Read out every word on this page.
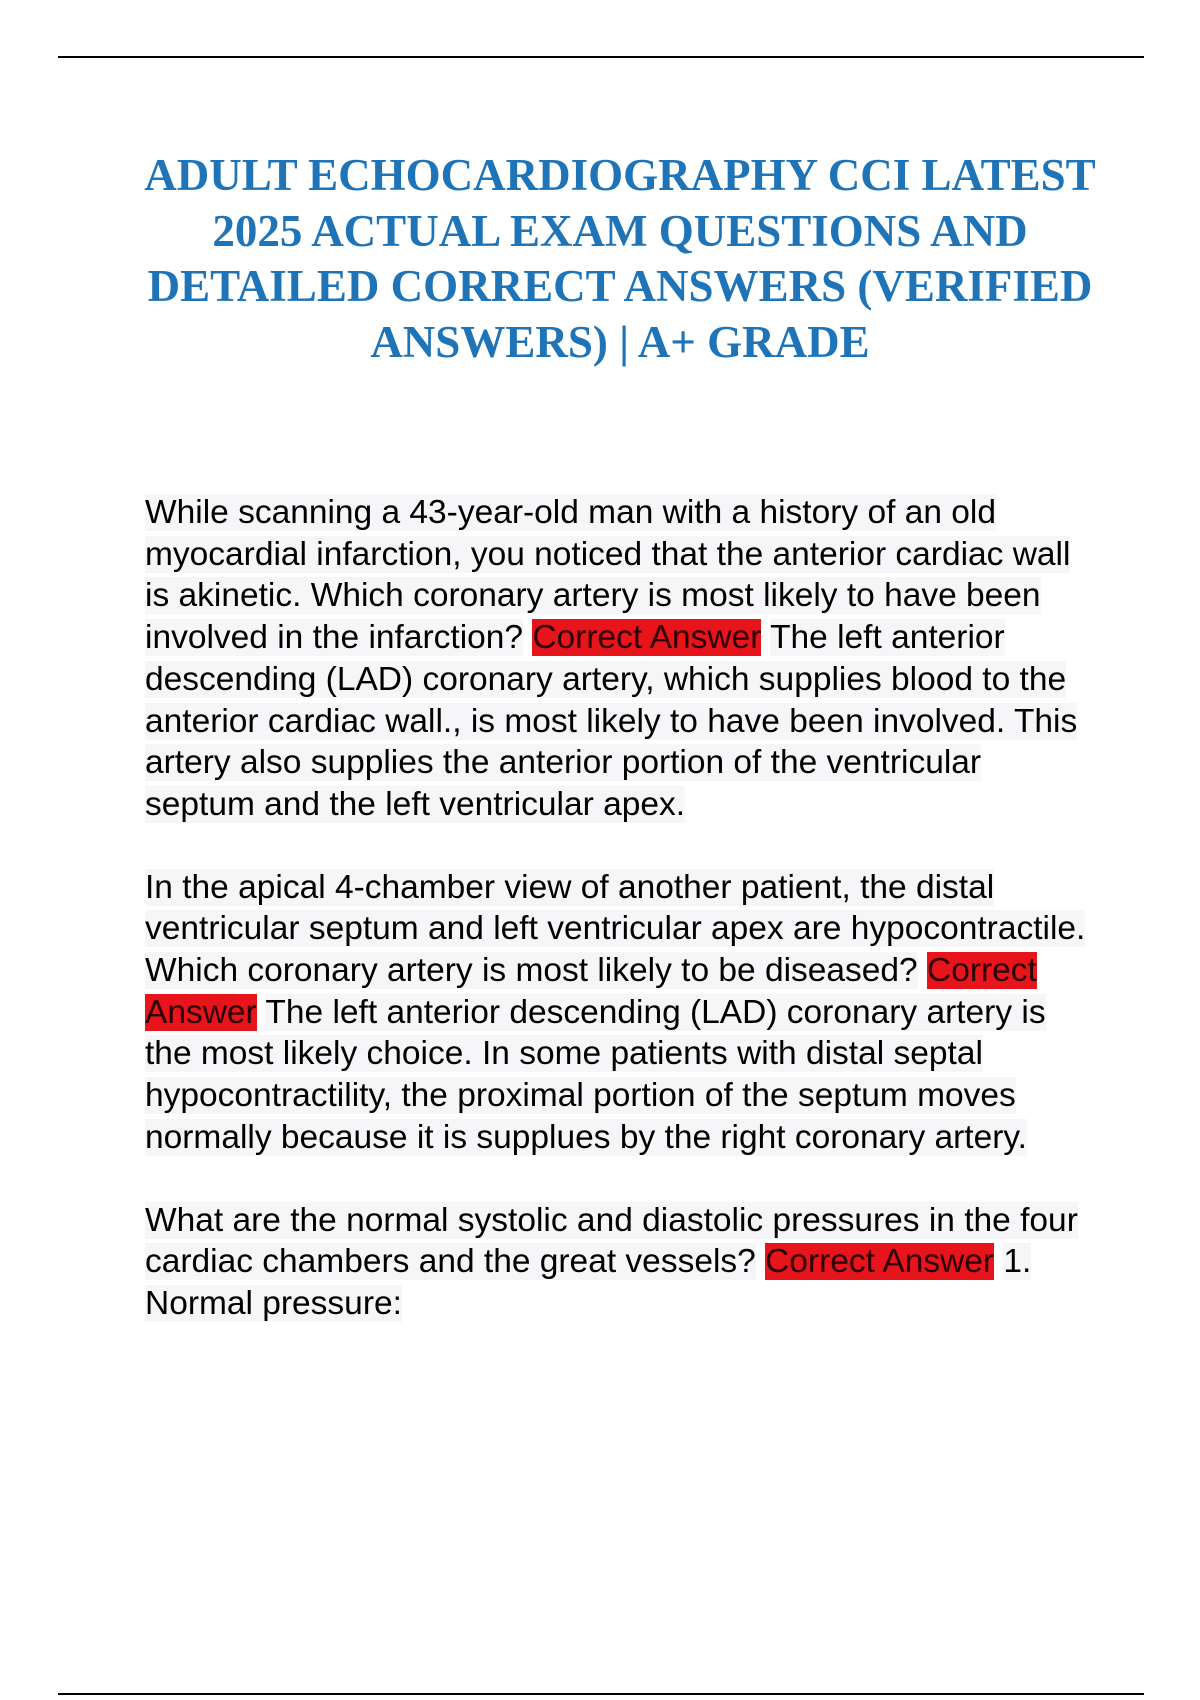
ADULT ECHOCARDIOGRAPHY CCI LATEST 2025 ACTUAL EXAM QUESTIONS AND DETAILED CORRECT ANSWERS (VERIFIED ANSWERS) | A+ GRADE

While scanning a 43-year-old man with a history of an old myocardial infarction, you noticed that the anterior cardiac wall is akinetic. Which coronary artery is most likely to have been involved in the infarction? Correct Answer The left anterior descending (LAD) coronary artery, which supplies blood to the anterior cardiac wall., is most likely to have been involved. This artery also supplies the anterior portion of the ventricular septum and the left ventricular apex.

In the apical 4-chamber view of another patient, the distal ventricular septum and left ventricular apex are hypocontractile. Which coronary artery is most likely to be diseased? Correct Answer The left anterior descending (LAD) coronary artery is the most likely choice. In some patients with distal septal hypocontractility, the proximal portion of the septum moves normally because it is supplues by the right coronary artery.

What are the normal systolic and diastolic pressures in the four cardiac chambers and the great vessels? Correct Answer 1. Normal pressure:
